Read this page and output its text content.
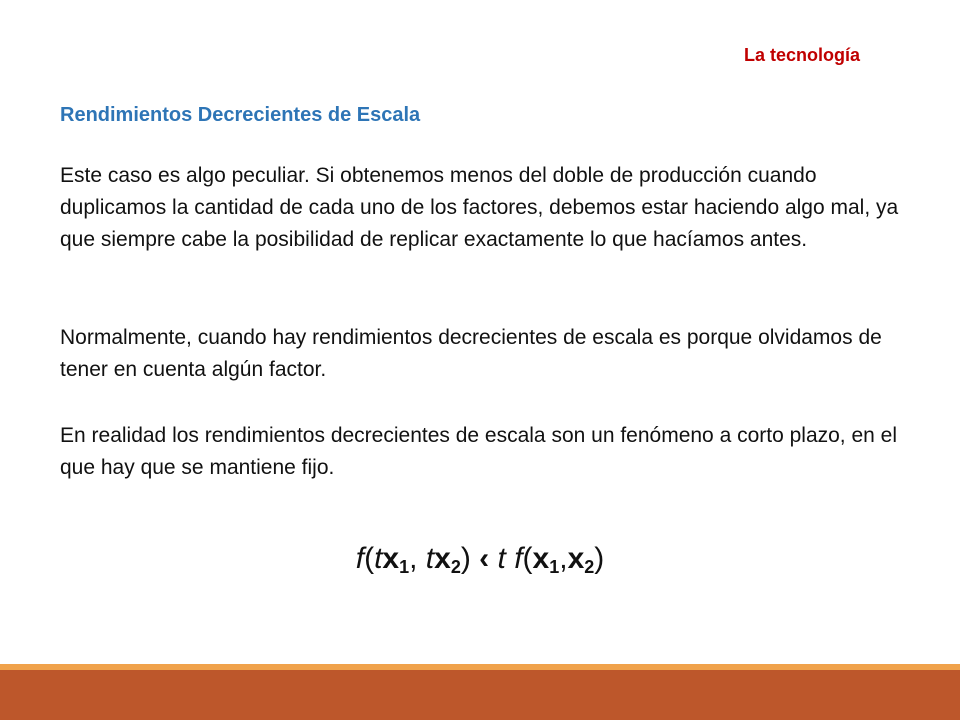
La tecnología
Rendimientos Decrecientes de Escala
Este caso es algo peculiar. Si obtenemos menos del doble de producción cuando duplicamos la cantidad de cada uno de los factores, debemos estar haciendo algo mal, ya que siempre cabe la posibilidad de replicar exactamente lo que hacíamos antes.
Normalmente, cuando hay rendimientos decrecientes de escala es porque olvidamos de tener en cuenta algún factor.
En realidad los rendimientos decrecientes de escala son un fenómeno a corto plazo, en el que hay que se mantiene fijo.
$f(tx_1$, $tx_2$) ‹ t $f(x_1,x_2)$
